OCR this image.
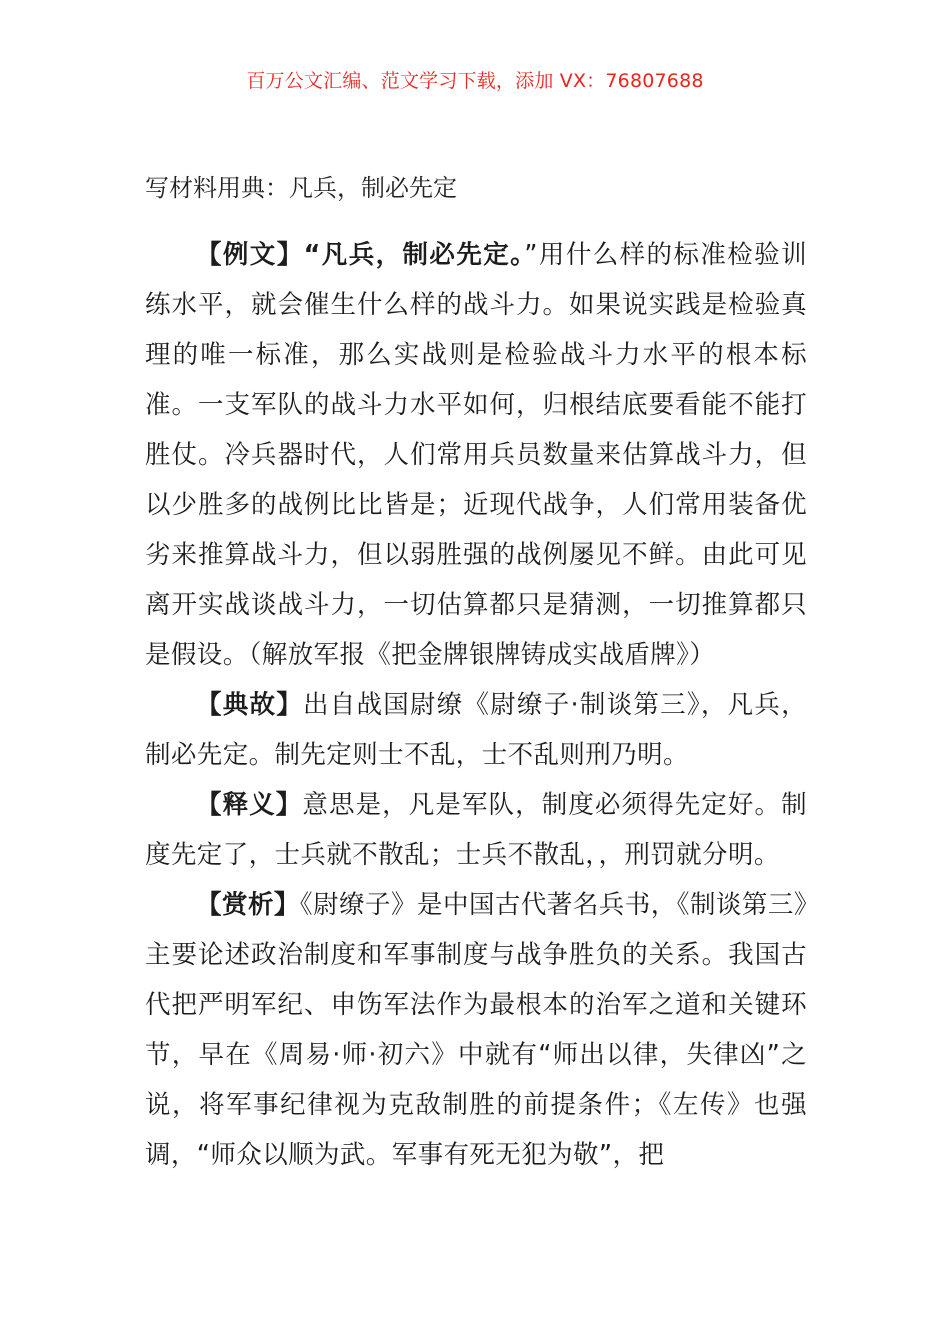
百万公文汇编、范文学习下载，添加 VX：76807688
写材料用典：凡兵，制必先定

【例文】“凡兵，制必先定。”用什么样的标准检验训练水平，就会催生什么样的战斗力。如果说实践是检验真理的唯一标准，那么实战则是检验战斗力水平的根本标准。一支军队的战斗力水平如何，归根结底要看能不能打胜仗。冷兵器时代，人们常用兵员数量来估算战斗力，但以少胜多的战例比比皆是；近现代战争，人们常用装备优劣来推算战斗力，但以弱胜强的战例屡见不鲜。由此可见离开实战谈战斗力，一切估算都只是猜测，一切推算都只是假设。（解放军报《把金牌银牌铸成实战盾牌》）

【典故】出自战国尉缭《尉缭子·制谈第三》，凡兵，制必先定。制先定则士不乱，士不乱则刑乃明。

【释义】意思是，凡是军队，制度必须得先定好。制度先定了，士兵就不散乱；士兵不散乱，，刑罚就分明。

【赏析】《尉缭子》是中国古代著名兵书，《制谈第三》主要论述政治制度和军事制度与战争胜负的关系。我国古代把严明军纪、申饬军法作为最根本的治军之道和关键环节，早在《周易·师·初六》中就有“师出以律，失律凶”之说，将军事纪律视为克敌制胜的前提条件；《左传》也强调，“师众以顺为武。军事有死无犯为敬”，把
